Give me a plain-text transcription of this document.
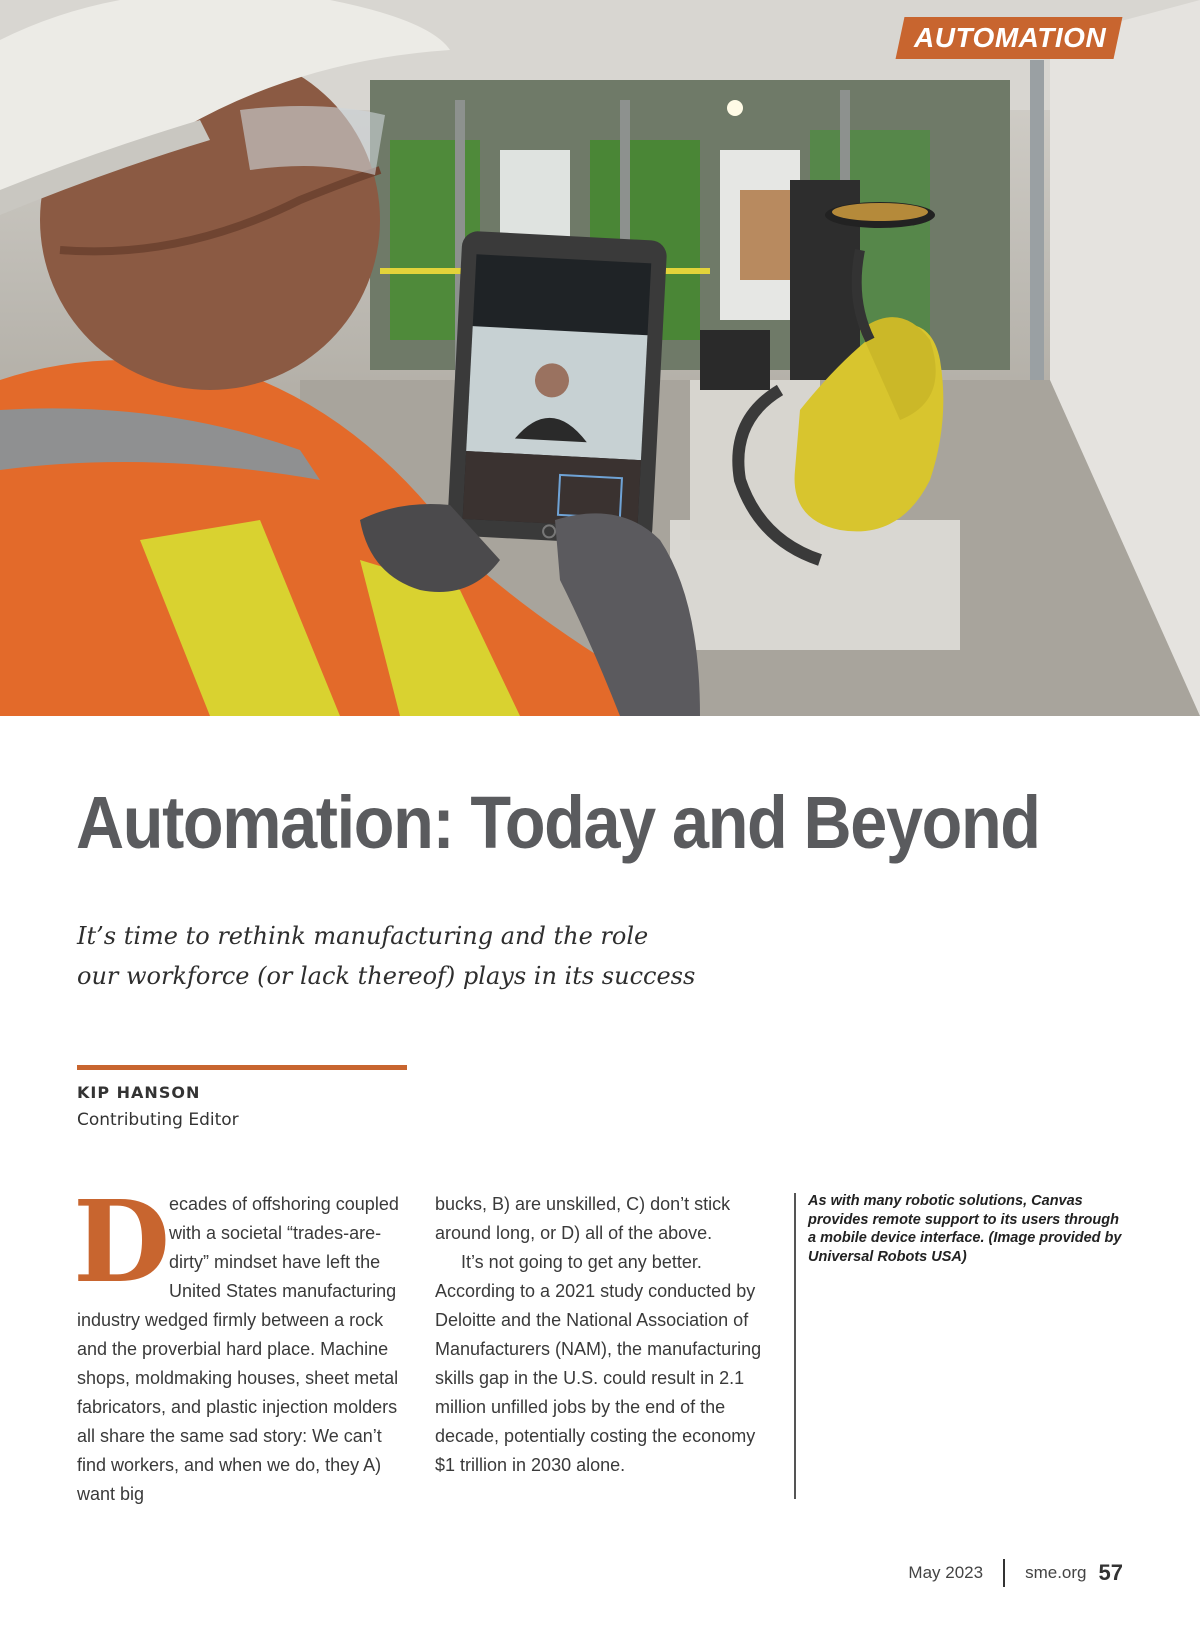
AUTOMATION
Automation: Today and Beyond

It’s time to rethink manufacturing and the role
our workforce (or lack thereof) plays in its success

KIP HANSON
Contributing Editor
D

ecades of offshoring coupled with a societal “trades-are-dirty” mindset have left the United States manufacturing industry wedged firmly between a rock and the proverbial hard place. Machine shops, moldmaking houses, sheet metal fabricators, and plastic injection molders all share the same sad story: We can’t find workers, and when we do, they A) want big

bucks, B) are unskilled, C) don’t stick around long, or D) all of the above.

It’s not going to get any better. According to a 2021 study conducted by Deloitte and the National Association of Manufacturers (NAM), the manufacturing skills gap in the U.S. could result in 2.1 million unfilled jobs by the end of the decade, potentially costing the economy $1 trillion in 2030 alone.

As with many robotic solutions, Canvas provides remote support to its users through a mobile device interface. (Image provided by Universal Robots USA)

May 2023 sme.org 57
